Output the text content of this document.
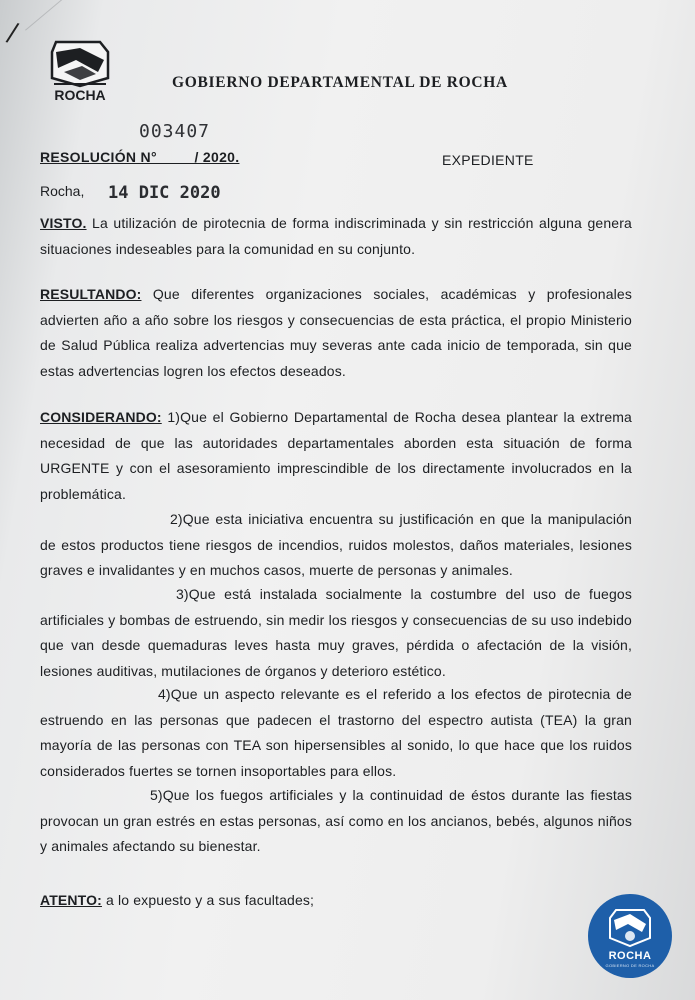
/
ROCHA
GOBIERNO DEPARTAMENTAL DE ROCHA
003407
RESOLUCIÓN N°         / 2020.	EXPEDIENTE
Rocha, 14 DIC 2020
VISTO. La utilización de pirotecnia de forma indiscriminada y sin restricción alguna genera situaciones indeseables para la comunidad en su conjunto.
RESULTANDO: Que diferentes organizaciones sociales, académicas y profesionales advierten año a año sobre los riesgos y consecuencias de esta práctica, el propio Ministerio de Salud Pública realiza advertencias muy severas ante cada inicio de temporada, sin que estas advertencias logren los efectos deseados.
CONSIDERANDO: 1)Que el Gobierno Departamental de Rocha desea plantear la extrema necesidad de que las autoridades departamentales aborden esta situación de forma URGENTE y con el asesoramiento imprescindible de los directamente involucrados en la problemática.
2)Que esta iniciativa encuentra su justificación en que la manipulación de estos productos tiene riesgos de incendios, ruidos molestos, daños materiales, lesiones graves e invalidantes y en muchos casos, muerte de personas y animales.
3)Que está instalada socialmente la costumbre del uso de fuegos artificiales y bombas de estruendo, sin medir los riesgos y consecuencias de su uso indebido que van desde quemaduras leves hasta muy graves, pérdida o afectación de la visión, lesiones auditivas, mutilaciones de órganos y deterioro estético.
4)Que un aspecto relevante es el referido a los efectos de pirotecnia de estruendo en las personas que padecen el trastorno del espectro autista (TEA) la gran mayoría de las personas con TEA son hipersensibles al sonido, lo que hace que los ruidos considerados fuertes se tornen insoportables para ellos.
5)Que los fuegos artificiales y la continuidad de éstos durante las fiestas provocan un gran estrés en estas personas, así como en los ancianos, bebés, algunos niños y animales afectando su bienestar.
ATENTO: a lo expuesto y a sus facultades;
ROCHA
GOBIERNO DE ROCHA
